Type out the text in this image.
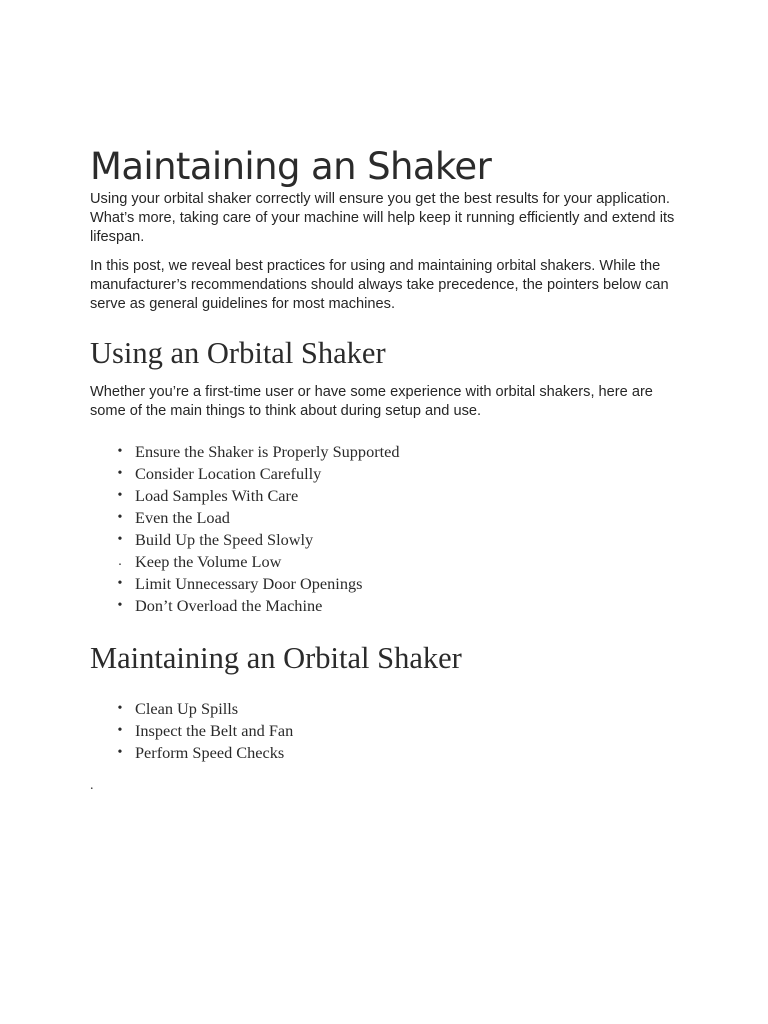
Maintaining an Shaker

Using your orbital shaker correctly will ensure you get the best results for your application. What’s more, taking care of your machine will help keep it running efficiently and extend its lifespan.

In this post, we reveal best practices for using and maintaining orbital shakers. While the manufacturer’s recommendations should always take precedence, the pointers below can serve as general guidelines for most machines.

Using an Orbital Shaker

Whether you’re a first-time user or have some experience with orbital shakers, here are some of the main things to think about during setup and use.

• Ensure the Shaker is Properly Supported
• Consider Location Carefully
• Load Samples With Care
• Even the Load
• Build Up the Speed Slowly
. Keep the Volume Low
• Limit Unnecessary Door Openings
• Don’t Overload the Machine
Maintaining an Orbital Shaker
• Clean Up Spills
• Inspect the Belt and Fan
• Perform Speed Checks
.
